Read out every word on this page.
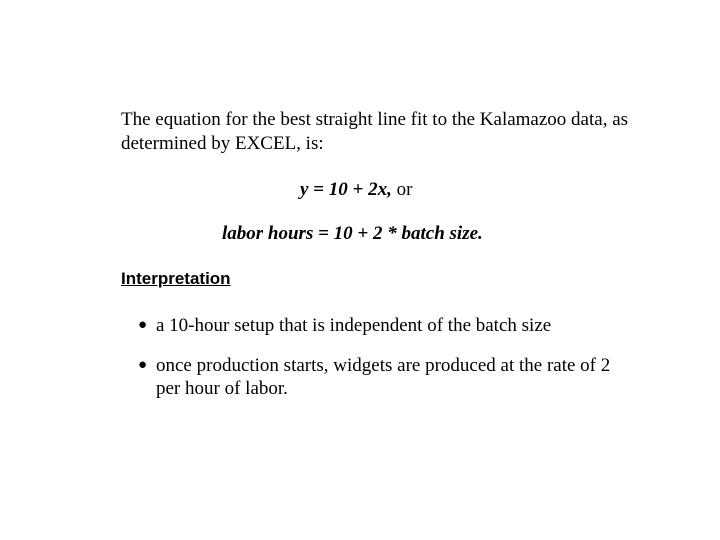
The equation for the best straight line fit to the Kalamazoo data, as determined by EXCEL, is:

y = 10 + 2x, or

labor hours = 10 + 2 * batch size.

Interpretation

● a 10-hour setup that is independent of the batch size
● once production starts, widgets are produced at the rate of 2 per hour of labor.
